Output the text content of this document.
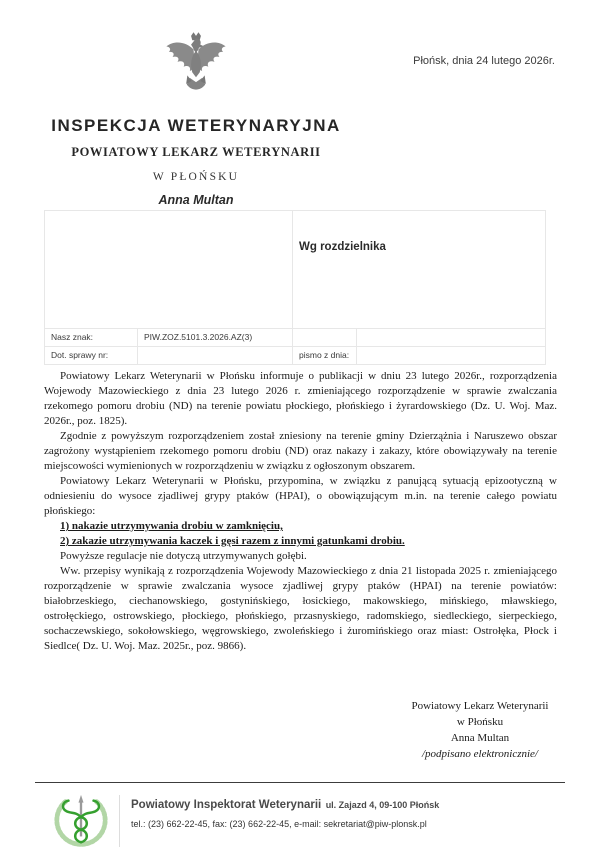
Płońsk, dnia 24 lutego 2026r.
INSPEKCJA WETERYNARYJNA
POWIATOWY LEKARZ WETERYNARII
W PŁOŃSKU
Anna Multan
		Wg rozdzielnika	
Nasz znak:	PIW.ZOZ.5101.3.2026.AZ(3)		
Dot. sprawy nr:		pismo z dnia:	

Powiatowy Lekarz Weterynarii w Płońsku informuje o publikacji w dniu 23 lutego 2026r., rozporządzenia Wojewody Mazowieckiego z dnia 23 lutego 2026 r. zmieniającego rozporządzenie w sprawie zwalczania rzekomego pomoru drobiu (ND) na terenie powiatu płockiego, płońskiego i żyrardowskiego (Dz. U. Woj. Maz. 2026r., poz. 1825).

Zgodnie z powyższym rozporządzeniem został zniesiony na terenie gminy Dzierzążnia i Naruszewo obszar zagrożony wystąpieniem rzekomego pomoru drobiu (ND) oraz nakazy i zakazy, które obowiązywały na terenie miejscowości wymienionych w rozporządzeniu w związku z ogłoszonym obszarem.

Powiatowy Lekarz Weterynarii w Płońsku, przypomina, w związku z panującą sytuacją epizootyczną w odniesieniu do wysoce zjadliwej grypy ptaków (HPAI), o obowiązującym m.in. na terenie całego powiatu płońskiego:

1) nakazie utrzymywania drobiu w zamknięciu,

2) zakazie utrzymywania kaczek i gęsi razem z innymi gatunkami drobiu.

Powyższe regulacje nie dotyczą utrzymywanych gołębi.

Ww. przepisy wynikają z rozporządzenia Wojewody Mazowieckiego z dnia 21 listopada 2025 r. zmieniającego rozporządzenie w sprawie zwalczania wysoce zjadliwej grypy ptaków (HPAI) na terenie powiatów: białobrzeskiego, ciechanowskiego, gostynińskiego, łosickiego, makowskiego, mińskiego, mławskiego, ostrołęckiego, ostrowskiego, płockiego, płońskiego, przasnyskiego, radomskiego, siedleckiego, sierpeckiego, sochaczewskiego, sokołowskiego, węgrowskiego, zwoleńskiego i żuromińskiego oraz miast: Ostrołęka, Płock i Siedlce( Dz. U. Woj. Maz. 2025r., poz. 9866).

Powiatowy Lekarz Weterynarii
w Płońsku
Anna Multan
/podpisano elektronicznie/
Powiatowy Inspektorat Weterynarii ul. Zajazd 4, 09-100 Płońsk
tel.: (23) 662-22-45, fax: (23) 662-22-45, e-mail: sekretariat@piw-plonsk.pl
